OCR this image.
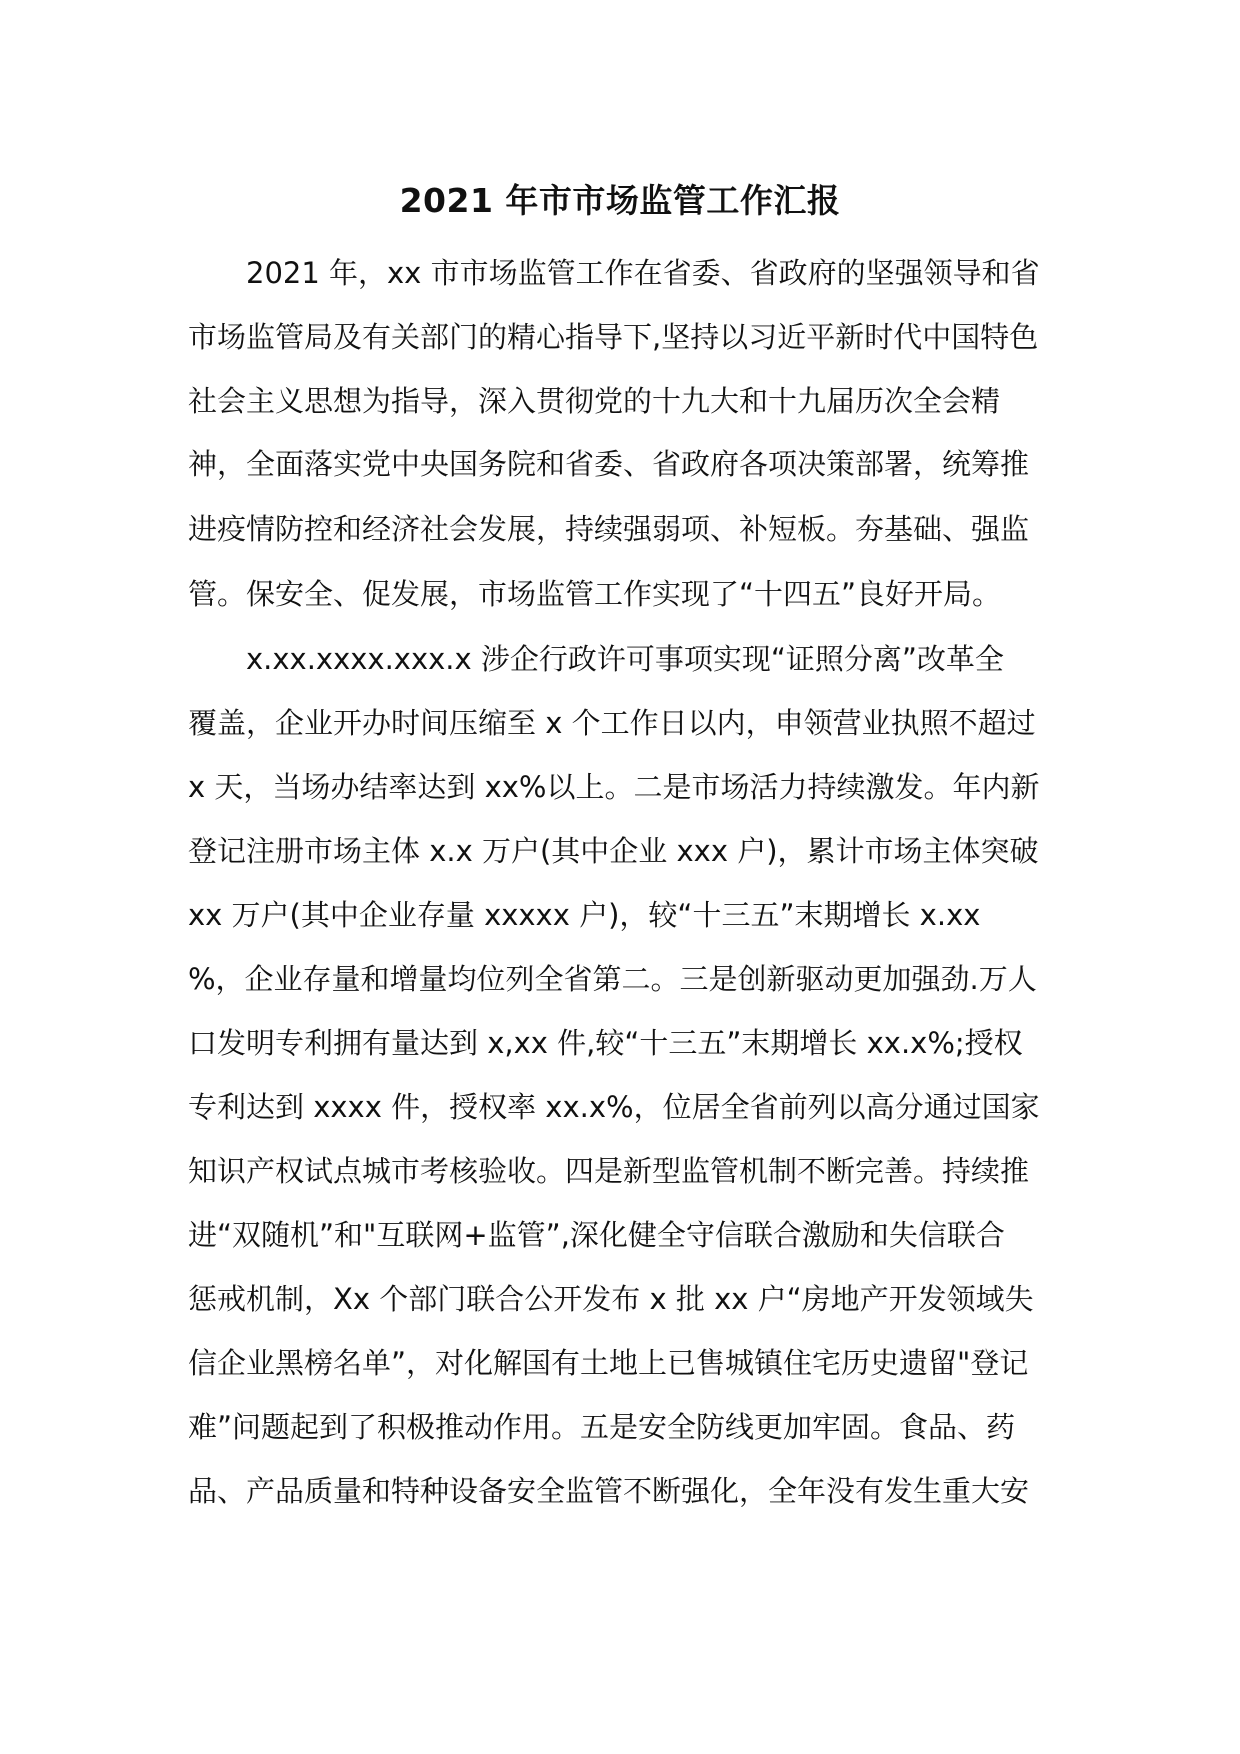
2021 年市市场监管工作汇报
2021 年，xx 市市场监管工作在省委、省政府的坚强领导和省
市场监管局及有关部门的精心指导下,坚持以习近平新时代中国特色
社会主义思想为指导，深入贯彻党的十九大和十九届历次全会精
神，全面落实党中央国务院和省委、省政府各项决策部署，统筹推
进疫情防控和经济社会发展，持续强弱项、补短板。夯基础、强监
管。保安全、促发展，市场监管工作实现了“十四五”良好开局。
x.xx.xxxx.xxx.x 涉企行政许可事项实现“证照分离”改革全
覆盖，企业开办时间压缩至 x 个工作日以内，申领营业执照不超过
x 天，当场办结率达到 xx%以上。二是市场活力持续激发。年内新
登记注册市场主体 x.x 万户(其中企业 xxx 户)，累计市场主体突破
xx 万户(其中企业存量 xxxxx 户)，较“十三五”末期增长 x.xx
%，企业存量和增量均位列全省第二。三是创新驱动更加强劲.万人
口发明专利拥有量达到 x,xx 件,较“十三五”末期增长 xx.x%;授权
专利达到 xxxx 件，授权率 xx.x%，位居全省前列以高分通过国家
知识产权试点城市考核验收。四是新型监管机制不断完善。持续推
进“双随机”和"互联网+监管”,深化健全守信联合激励和失信联合
惩戒机制，Xx 个部门联合公开发布 x 批 xx 户“房地产开发领域失
信企业黑榜名单”，对化解国有土地上已售城镇住宅历史遗留"登记
难”问题起到了积极推动作用。五是安全防线更加牢固。食品、药
品、产品质量和特种设备安全监管不断强化，全年没有发生重大安
